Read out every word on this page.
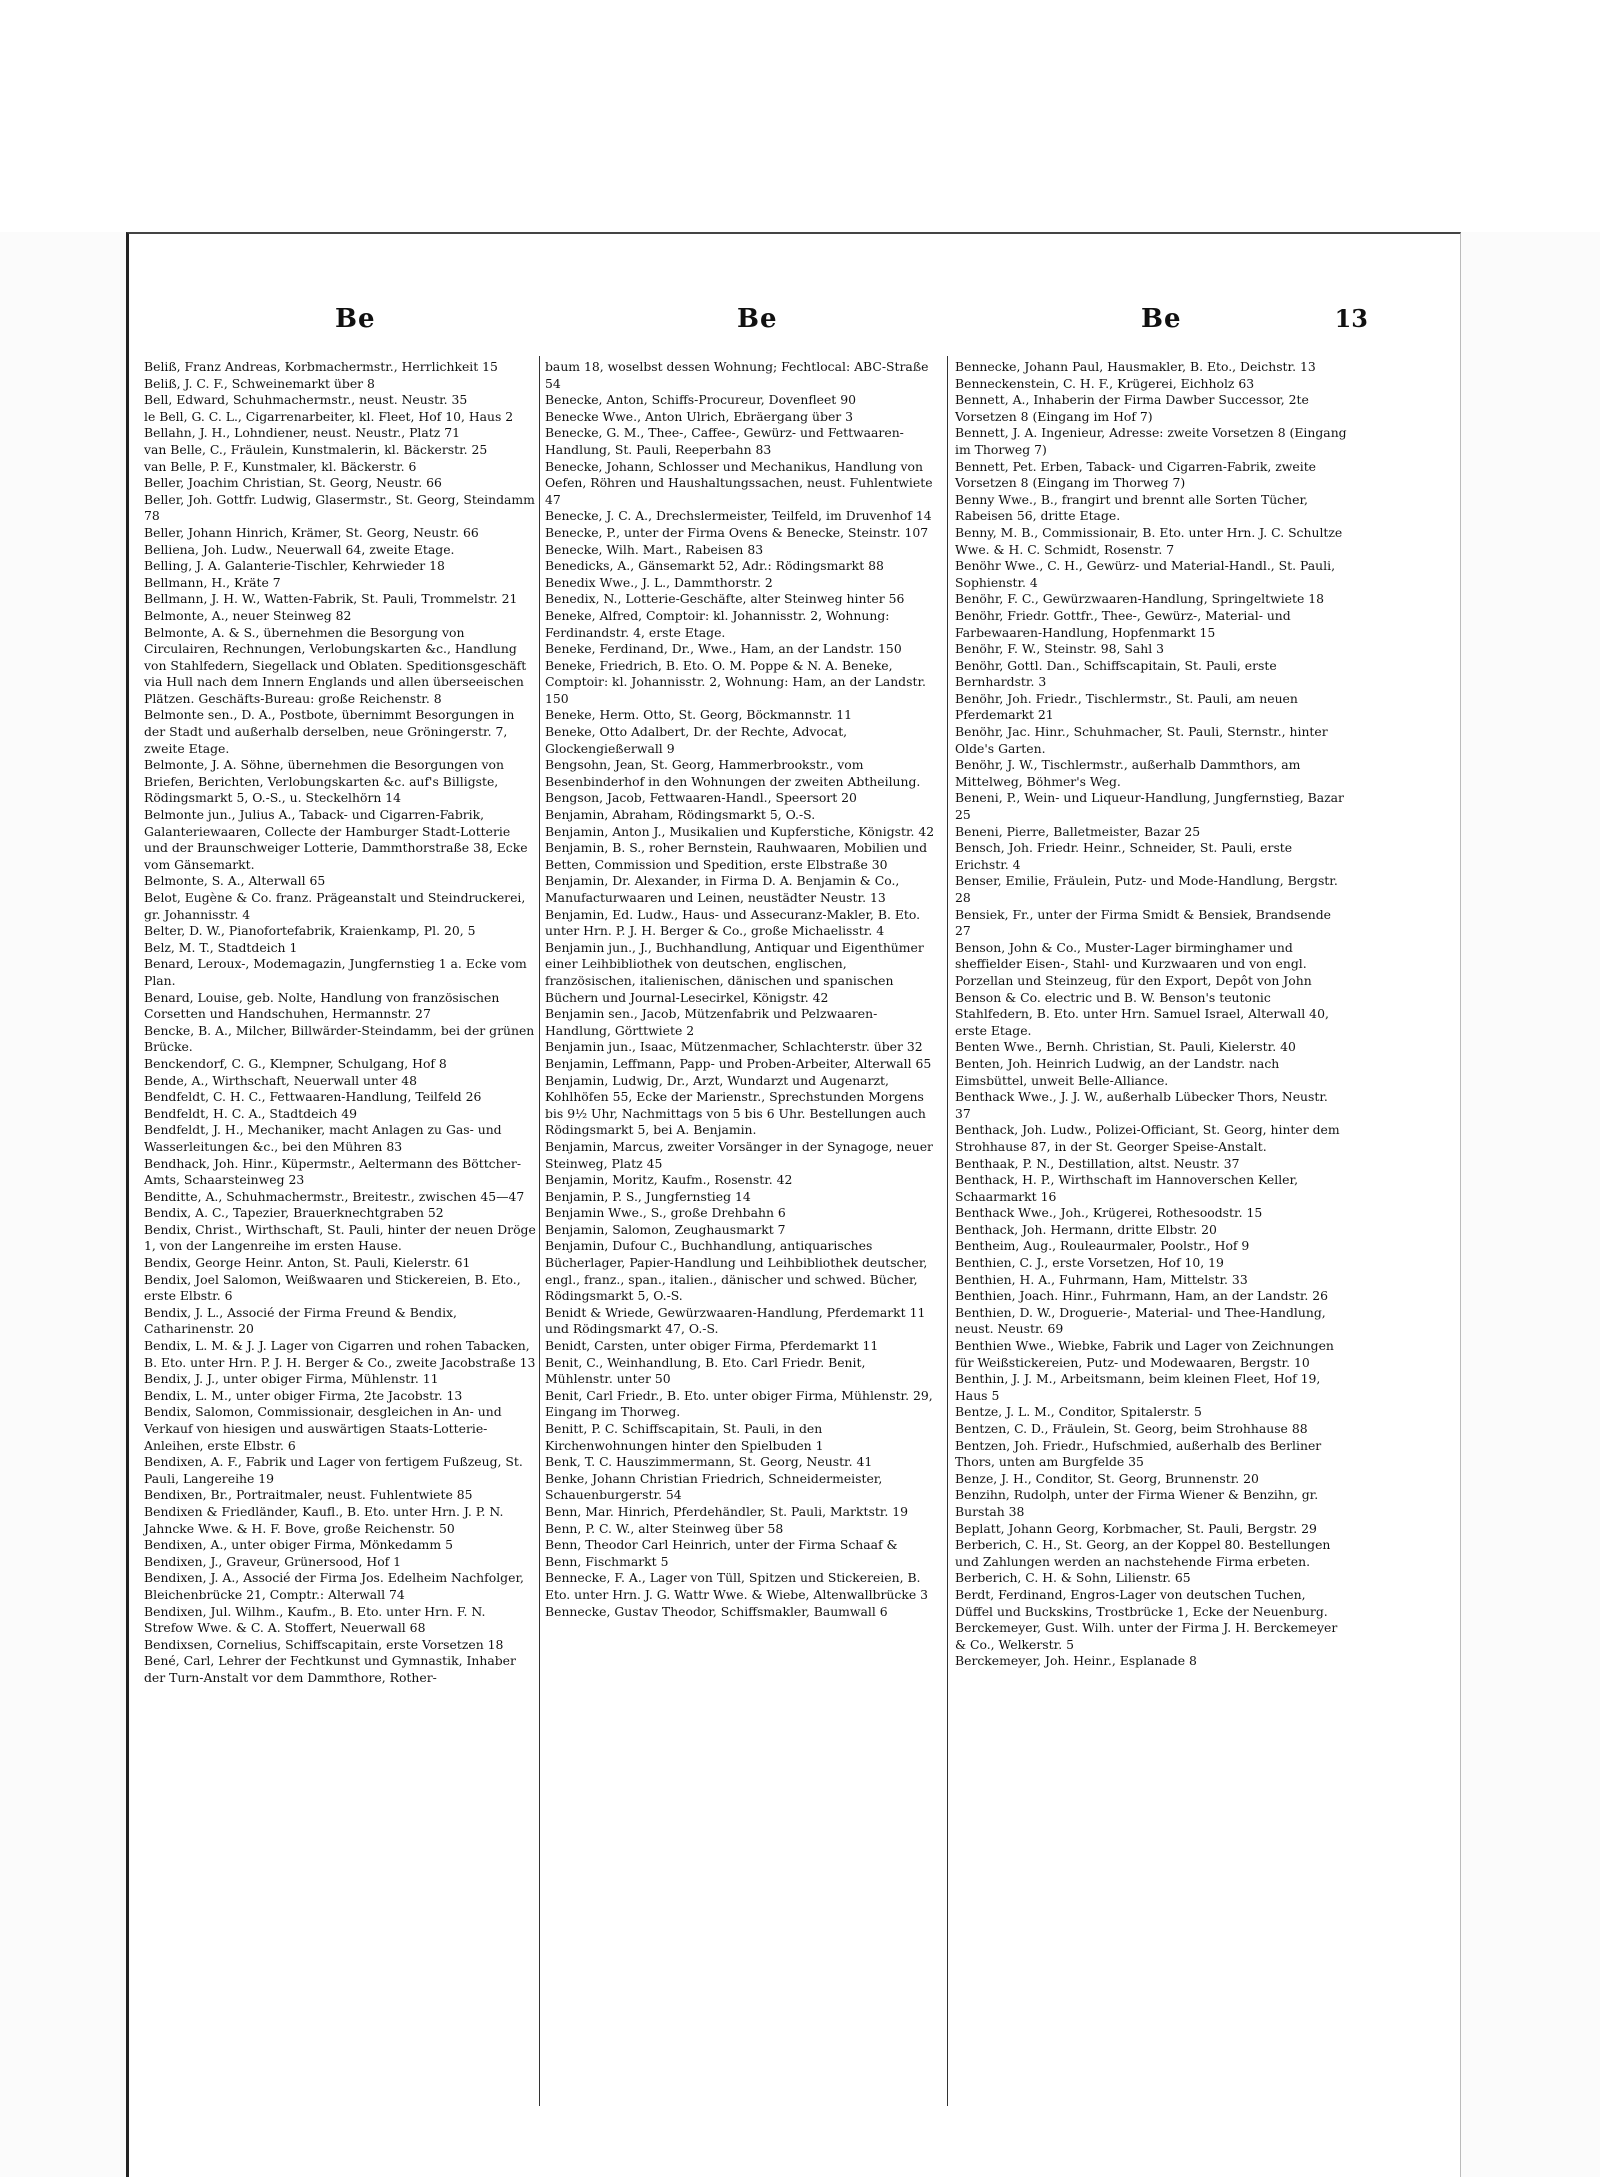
Be	Be	Be	13

Beliß, Franz Andreas, Korbmachermstr., Herrlichkeit 15

Beliß, J. C. F., Schweinemarkt über 8

Bell, Edward, Schuhmachermstr., neust. Neustr. 35

le Bell, G. C. L., Cigarrenarbeiter, kl. Fleet, Hof 10, Haus 2

Bellahn, J. H., Lohndiener, neust. Neustr., Platz 71

van Belle, C., Fräulein, Kunstmalerin, kl. Bäckerstr. 25

van Belle, P. F., Kunstmaler, kl. Bäckerstr. 6

Beller, Joachim Christian, St. Georg, Neustr. 66

Beller, Joh. Gottfr. Ludwig, Glasermstr., St. Georg, Steindamm 78

Beller, Johann Hinrich, Krämer, St. Georg, Neustr. 66

Belliena, Joh. Ludw., Neuerwall 64, zweite Etage.

Belling, J. A. Galanterie-Tischler, Kehrwieder 18

Bellmann, H., Kräte 7

Bellmann, J. H. W., Watten-Fabrik, St. Pauli, Trommelstr. 21

Belmonte, A., neuer Steinweg 82

Belmonte, A. & S., übernehmen die Besorgung von Circulairen, Rechnungen, Verlobungskarten &c., Handlung von Stahlfedern, Siegellack und Oblaten. Speditionsgeschäft via Hull nach dem Innern Englands und allen überseeischen Plätzen. Geschäfts-Bureau: große Reichenstr. 8

Belmonte sen., D. A., Postbote, übernimmt Besorgungen in der Stadt und außerhalb derselben, neue Gröningerstr. 7, zweite Etage.

Belmonte, J. A. Söhne, übernehmen die Besorgungen von Briefen, Berichten, Verlobungskarten &c. auf's Billigste, Rödingsmarkt 5, O.-S., u. Steckelhörn 14

Belmonte jun., Julius A., Taback- und Cigarren-Fabrik, Galanteriewaaren, Collecte der Hamburger Stadt-Lotterie und der Braunschweiger Lotterie, Dammthorstraße 38, Ecke vom Gänsemarkt.

Belmonte, S. A., Alterwall 65

Belot, Eugène & Co. franz. Prägeanstalt und Steindruckerei, gr. Johannisstr. 4

Belter, D. W., Pianofortefabrik, Kraienkamp, Pl. 20, 5

Belz, M. T., Stadtdeich 1

Benard, Leroux-, Modemagazin, Jungfernstieg 1 a. Ecke vom Plan.

Benard, Louise, geb. Nolte, Handlung von französischen Corsetten und Handschuhen, Hermannstr. 27

Bencke, B. A., Milcher, Billwärder-Steindamm, bei der grünen Brücke.

Benckendorf, C. G., Klempner, Schulgang, Hof 8

Bende, A., Wirthschaft, Neuerwall unter 48

Bendfeldt, C. H. C., Fettwaaren-Handlung, Teilfeld 26

Bendfeldt, H. C. A., Stadtdeich 49

Bendfeldt, J. H., Mechaniker, macht Anlagen zu Gas- und Wasserleitungen &c., bei den Mühren 83

Bendhack, Joh. Hinr., Küpermstr., Aeltermann des Böttcher-Amts, Schaarsteinweg 23

Benditte, A., Schuhmachermstr., Breitestr., zwischen 45—47

Bendix, A. C., Tapezier, Brauerknechtgraben 52

Bendix, Christ., Wirthschaft, St. Pauli, hinter der neuen Dröge 1, von der Langenreihe im ersten Hause.

Bendix, George Heinr. Anton, St. Pauli, Kielerstr. 61

Bendix, Joel Salomon, Weißwaaren und Stickereien, B. Eto., erste Elbstr. 6

Bendix, J. L., Associé der Firma Freund & Bendix, Catharinenstr. 20

Bendix, L. M. & J. J. Lager von Cigarren und rohen Tabacken, B. Eto. unter Hrn. P. J. H. Berger & Co., zweite Jacobstraße 13

Bendix, J. J., unter obiger Firma, Mühlenstr. 11

Bendix, L. M., unter obiger Firma, 2te Jacobstr. 13

Bendix, Salomon, Commissionair, desgleichen in An- und Verkauf von hiesigen und auswärtigen Staats-Lotterie-Anleihen, erste Elbstr. 6

Bendixen, A. F., Fabrik und Lager von fertigem Fußzeug, St. Pauli, Langereihe 19

Bendixen, Br., Portraitmaler, neust. Fuhlentwiete 85

Bendixen & Friedländer, Kaufl., B. Eto. unter Hrn. J. P. N. Jahncke Wwe. & H. F. Bove, große Reichenstr. 50

Bendixen, A., unter obiger Firma, Mönkedamm 5

Bendixen, J., Graveur, Grünersood, Hof 1

Bendixen, J. A., Associé der Firma Jos. Edelheim Nachfolger, Bleichenbrücke 21, Comptr.: Alterwall 74

Bendixen, Jul. Wilhm., Kaufm., B. Eto. unter Hrn. F. N. Strefow Wwe. & C. A. Stoffert, Neuerwall 68

Bendixsen, Cornelius, Schiffscapitain, erste Vorsetzen 18

Bené, Carl, Lehrer der Fechtkunst und Gymnastik, Inhaber der Turn-Anstalt vor dem Dammthore, Rother-

baum 18, woselbst dessen Wohnung; Fechtlocal: ABC-Straße 54

Benecke, Anton, Schiffs-Procureur, Dovenfleet 90

Benecke Wwe., Anton Ulrich, Ebräergang über 3

Benecke, G. M., Thee-, Caffee-, Gewürz- und Fettwaaren-Handlung, St. Pauli, Reeperbahn 83

Benecke, Johann, Schlosser und Mechanikus, Handlung von Oefen, Röhren und Haushaltungssachen, neust. Fuhlentwiete 47

Benecke, J. C. A., Drechslermeister, Teilfeld, im Druvenhof 14

Benecke, P., unter der Firma Ovens & Benecke, Steinstr. 107

Benecke, Wilh. Mart., Rabeisen 83

Benedicks, A., Gänsemarkt 52, Adr.: Rödingsmarkt 88

Benedix Wwe., J. L., Dammthorstr. 2

Benedix, N., Lotterie-Geschäfte, alter Steinweg hinter 56

Beneke, Alfred, Comptoir: kl. Johannisstr. 2, Wohnung: Ferdinandstr. 4, erste Etage.

Beneke, Ferdinand, Dr., Wwe., Ham, an der Landstr. 150

Beneke, Friedrich, B. Eto. O. M. Poppe & N. A. Beneke, Comptoir: kl. Johannisstr. 2, Wohnung: Ham, an der Landstr. 150

Beneke, Herm. Otto, St. Georg, Böckmannstr. 11

Beneke, Otto Adalbert, Dr. der Rechte, Advocat, Glockengießerwall 9

Bengsohn, Jean, St. Georg, Hammerbrookstr., vom Besenbinderhof in den Wohnungen der zweiten Abtheilung.

Bengson, Jacob, Fettwaaren-Handl., Speersort 20

Benjamin, Abraham, Rödingsmarkt 5, O.-S.

Benjamin, Anton J., Musikalien und Kupferstiche, Königstr. 42

Benjamin, B. S., roher Bernstein, Rauhwaaren, Mobilien und Betten, Commission und Spedition, erste Elbstraße 30

Benjamin, Dr. Alexander, in Firma D. A. Benjamin & Co., Manufacturwaaren und Leinen, neustädter Neustr. 13

Benjamin, Ed. Ludw., Haus- und Assecuranz-Makler, B. Eto. unter Hrn. P. J. H. Berger & Co., große Michaelisstr. 4

Benjamin jun., J., Buchhandlung, Antiquar und Eigenthümer einer Leihbibliothek von deutschen, englischen, französischen, italienischen, dänischen und spanischen Büchern und Journal-Lesecirkel, Königstr. 42

Benjamin sen., Jacob, Mützenfabrik und Pelzwaaren-Handlung, Görttwiete 2

Benjamin jun., Isaac, Mützenmacher, Schlachterstr. über 32

Benjamin, Leffmann, Papp- und Proben-Arbeiter, Alterwall 65

Benjamin, Ludwig, Dr., Arzt, Wundarzt und Augenarzt, Kohlhöfen 55, Ecke der Marienstr., Sprechstunden Morgens bis 9½ Uhr, Nachmittags von 5 bis 6 Uhr. Bestellungen auch Rödingsmarkt 5, bei A. Benjamin.

Benjamin, Marcus, zweiter Vorsänger in der Synagoge, neuer Steinweg, Platz 45

Benjamin, Moritz, Kaufm., Rosenstr. 42

Benjamin, P. S., Jungfernstieg 14

Benjamin Wwe., S., große Drehbahn 6

Benjamin, Salomon, Zeughausmarkt 7

Benjamin, Dufour C., Buchhandlung, antiquarisches Bücherlager, Papier-Handlung und Leihbibliothek deutscher, engl., franz., span., italien., dänischer und schwed. Bücher, Rödingsmarkt 5, O.-S.

Benidt & Wriede, Gewürzwaaren-Handlung, Pferdemarkt 11 und Rödingsmarkt 47, O.-S.

Benidt, Carsten, unter obiger Firma, Pferdemarkt 11

Benit, C., Weinhandlung, B. Eto. Carl Friedr. Benit, Mühlenstr. unter 50

Benit, Carl Friedr., B. Eto. unter obiger Firma, Mühlenstr. 29, Eingang im Thorweg.

Benitt, P. C. Schiffscapitain, St. Pauli, in den Kirchenwohnungen hinter den Spielbuden 1

Benk, T. C. Hauszimmermann, St. Georg, Neustr. 41

Benke, Johann Christian Friedrich, Schneidermeister, Schauenburgerstr. 54

Benn, Mar. Hinrich, Pferdehändler, St. Pauli, Marktstr. 19

Benn, P. C. W., alter Steinweg über 58

Benn, Theodor Carl Heinrich, unter der Firma Schaaf & Benn, Fischmarkt 5

Bennecke, F. A., Lager von Tüll, Spitzen und Stickereien, B. Eto. unter Hrn. J. G. Wattr Wwe. & Wiebe, Altenwallbrücke 3

Bennecke, Gustav Theodor, Schiffsmakler, Baumwall 6

Bennecke, Johann Paul, Hausmakler, B. Eto., Deichstr. 13

Benneckenstein, C. H. F., Krügerei, Eichholz 63

Bennett, A., Inhaberin der Firma Dawber Successor, 2te Vorsetzen 8 (Eingang im Hof 7)

Bennett, J. A. Ingenieur, Adresse: zweite Vorsetzen 8 (Eingang im Thorweg 7)

Bennett, Pet. Erben, Taback- und Cigarren-Fabrik, zweite Vorsetzen 8 (Eingang im Thorweg 7)

Benny Wwe., B., frangirt und brennt alle Sorten Tücher, Rabeisen 56, dritte Etage.

Benny, M. B., Commissionair, B. Eto. unter Hrn. J. C. Schultze Wwe. & H. C. Schmidt, Rosenstr. 7

Benöhr Wwe., C. H., Gewürz- und Material-Handl., St. Pauli, Sophienstr. 4

Benöhr, F. C., Gewürzwaaren-Handlung, Springeltwiete 18

Benöhr, Friedr. Gottfr., Thee-, Gewürz-, Material- und Farbewaaren-Handlung, Hopfenmarkt 15

Benöhr, F. W., Steinstr. 98, Sahl 3

Benöhr, Gottl. Dan., Schiffscapitain, St. Pauli, erste Bernhardstr. 3

Benöhr, Joh. Friedr., Tischlermstr., St. Pauli, am neuen Pferdemarkt 21

Benöhr, Jac. Hinr., Schuhmacher, St. Pauli, Sternstr., hinter Olde's Garten.

Benöhr, J. W., Tischlermstr., außerhalb Dammthors, am Mittelweg, Böhmer's Weg.

Beneni, P., Wein- und Liqueur-Handlung, Jungfernstieg, Bazar 25

Beneni, Pierre, Balletmeister, Bazar 25

Bensch, Joh. Friedr. Heinr., Schneider, St. Pauli, erste Erichstr. 4

Benser, Emilie, Fräulein, Putz- und Mode-Handlung, Bergstr. 28

Bensiek, Fr., unter der Firma Smidt & Bensiek, Brandsende 27

Benson, John & Co., Muster-Lager birminghamer und sheffielder Eisen-, Stahl- und Kurzwaaren und von engl. Porzellan und Steinzeug, für den Export, Depôt von John Benson & Co. electric und B. W. Benson's teutonic Stahlfedern, B. Eto. unter Hrn. Samuel Israel, Alterwall 40, erste Etage.

Benten Wwe., Bernh. Christian, St. Pauli, Kielerstr. 40

Benten, Joh. Heinrich Ludwig, an der Landstr. nach Eimsbüttel, unweit Belle-Alliance.

Benthack Wwe., J. J. W., außerhalb Lübecker Thors, Neustr. 37

Benthack, Joh. Ludw., Polizei-Officiant, St. Georg, hinter dem Strohhause 87, in der St. Georger Speise-Anstalt.

Benthaak, P. N., Destillation, altst. Neustr. 37

Benthack, H. P., Wirthschaft im Hannoverschen Keller, Schaarmarkt 16

Benthack Wwe., Joh., Krügerei, Rothesoodstr. 15

Benthack, Joh. Hermann, dritte Elbstr. 20

Bentheim, Aug., Rouleaurmaler, Poolstr., Hof 9

Benthien, C. J., erste Vorsetzen, Hof 10, 19

Benthien, H. A., Fuhrmann, Ham, Mittelstr. 33

Benthien, Joach. Hinr., Fuhrmann, Ham, an der Landstr. 26

Benthien, D. W., Droguerie-, Material- und Thee-Handlung, neust. Neustr. 69

Benthien Wwe., Wiebke, Fabrik und Lager von Zeichnungen für Weißstickereien, Putz- und Modewaaren, Bergstr. 10

Benthin, J. J. M., Arbeitsmann, beim kleinen Fleet, Hof 19, Haus 5

Bentze, J. L. M., Conditor, Spitalerstr. 5

Bentzen, C. D., Fräulein, St. Georg, beim Strohhause 88

Bentzen, Joh. Friedr., Hufschmied, außerhalb des Berliner Thors, unten am Burgfelde 35

Benze, J. H., Conditor, St. Georg, Brunnenstr. 20

Benzihn, Rudolph, unter der Firma Wiener & Benzihn, gr. Burstah 38

Beplatt, Johann Georg, Korbmacher, St. Pauli, Bergstr. 29

Berberich, C. H., St. Georg, an der Koppel 80. Bestellungen und Zahlungen werden an nachstehende Firma erbeten.

Berberich, C. H. & Sohn, Lilienstr. 65

Berdt, Ferdinand, Engros-Lager von deutschen Tuchen, Düffel und Buckskins, Trostbrücke 1, Ecke der Neuenburg.

Berckemeyer, Gust. Wilh. unter der Firma J. H. Berckemeyer & Co., Welkerstr. 5

Berckemeyer, Joh. Heinr., Esplanade 8
